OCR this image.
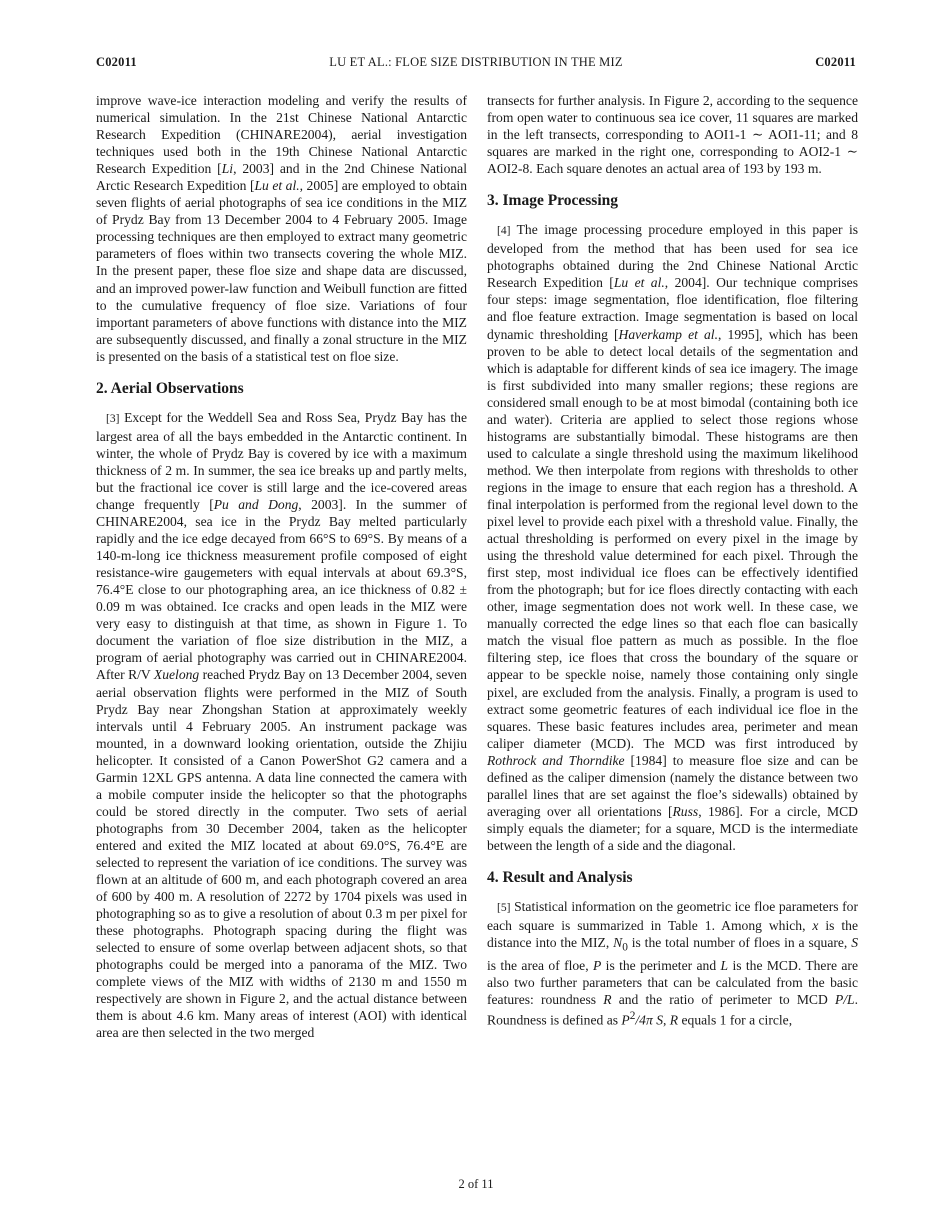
C02011	LU ET AL.: FLOE SIZE DISTRIBUTION IN THE MIZ	C02011

improve wave-ice interaction modeling and verify the results of numerical simulation. In the 21st Chinese National Antarctic Research Expedition (CHINARE2004), aerial investigation techniques used both in the 19th Chinese National Antarctic Research Expedition [Li, 2003] and in the 2nd Chinese National Arctic Research Expedition [Lu et al., 2005] are employed to obtain seven flights of aerial photographs of sea ice conditions in the MIZ of Prydz Bay from 13 December 2004 to 4 February 2005. Image processing techniques are then employed to extract many geometric parameters of floes within two transects covering the whole MIZ. In the present paper, these floe size and shape data are discussed, and an improved power-law function and Weibull function are fitted to the cumulative frequency of floe size. Variations of four important parameters of above functions with distance into the MIZ are subsequently discussed, and finally a zonal structure in the MIZ is presented on the basis of a statistical test on floe size.

2. Aerial Observations

[3] Except for the Weddell Sea and Ross Sea, Prydz Bay has the largest area of all the bays embedded in the Antarctic continent. In winter, the whole of Prydz Bay is covered by ice with a maximum thickness of 2 m. In summer, the sea ice breaks up and partly melts, but the fractional ice cover is still large and the ice-covered areas change frequently [Pu and Dong, 2003]. In the summer of CHINARE2004, sea ice in the Prydz Bay melted particularly rapidly and the ice edge decayed from 66°S to 69°S. By means of a 140-m-long ice thickness measurement profile composed of eight resistance-wire gaugemeters with equal intervals at about 69.3°S, 76.4°E close to our photographing area, an ice thickness of 0.82 ± 0.09 m was obtained. Ice cracks and open leads in the MIZ were very easy to distinguish at that time, as shown in Figure 1. To document the variation of floe size distribution in the MIZ, a program of aerial photography was carried out in CHINARE2004. After R/V Xuelong reached Prydz Bay on 13 December 2004, seven aerial observation flights were performed in the MIZ of South Prydz Bay near Zhongshan Station at approximately weekly intervals until 4 February 2005. An instrument package was mounted, in a downward looking orientation, outside the Zhijiu helicopter. It consisted of a Canon PowerShot G2 camera and a Garmin 12XL GPS antenna. A data line connected the camera with a mobile computer inside the helicopter so that the photographs could be stored directly in the computer. Two sets of aerial photographs from 30 December 2004, taken as the helicopter entered and exited the MIZ located at about 69.0°S, 76.4°E are selected to represent the variation of ice conditions. The survey was flown at an altitude of 600 m, and each photograph covered an area of 600 by 400 m. A resolution of 2272 by 1704 pixels was used in photographing so as to give a resolution of about 0.3 m per pixel for these photographs. Photograph spacing during the flight was selected to ensure of some overlap between adjacent shots, so that photographs could be merged into a panorama of the MIZ. Two complete views of the MIZ with widths of 2130 m and 1550 m respectively are shown in Figure 2, and the actual distance between them is about 4.6 km. Many areas of interest (AOI) with identical area are then selected in the two merged

transects for further analysis. In Figure 2, according to the sequence from open water to continuous sea ice cover, 11 squares are marked in the left transects, corresponding to AOI1-1 ∼ AOI1-11; and 8 squares are marked in the right one, corresponding to AOI2-1 ∼ AOI2-8. Each square denotes an actual area of 193 by 193 m.

3. Image Processing

[4] The image processing procedure employed in this paper is developed from the method that has been used for sea ice photographs obtained during the 2nd Chinese National Arctic Research Expedition [Lu et al., 2004]. Our technique comprises four steps: image segmentation, floe identification, floe filtering and floe feature extraction. Image segmentation is based on local dynamic thresholding [Haverkamp et al., 1995], which has been proven to be able to detect local details of the segmentation and which is adaptable for different kinds of sea ice imagery. The image is first subdivided into many smaller regions; these regions are considered small enough to be at most bimodal (containing both ice and water). Criteria are applied to select those regions whose histograms are substantially bimodal. These histograms are then used to calculate a single threshold using the maximum likelihood method. We then interpolate from regions with thresholds to other regions in the image to ensure that each region has a threshold. A final interpolation is performed from the regional level down to the pixel level to provide each pixel with a threshold value. Finally, the actual thresholding is performed on every pixel in the image by using the threshold value determined for each pixel. Through the first step, most individual ice floes can be effectively identified from the photograph; but for ice floes directly contacting with each other, image segmentation does not work well. In these case, we manually corrected the edge lines so that each floe can basically match the visual floe pattern as much as possible. In the floe filtering step, ice floes that cross the boundary of the square or appear to be speckle noise, namely those containing only single pixel, are excluded from the analysis. Finally, a program is used to extract some geometric features of each individual ice floe in the squares. These basic features includes area, perimeter and mean caliper diameter (MCD). The MCD was first introduced by Rothrock and Thorndike [1984] to measure floe size and can be defined as the caliper dimension (namely the distance between two parallel lines that are set against the floe’s sidewalls) obtained by averaging over all orientations [Russ, 1986]. For a circle, MCD simply equals the diameter; for a square, MCD is the intermediate between the length of a side and the diagonal.

4. Result and Analysis

[5] Statistical information on the geometric ice floe parameters for each square is summarized in Table 1. Among which, x is the distance into the MIZ, $N_0$ is the total number of floes in a square, S is the area of floe, P is the perimeter and L is the MCD. There are also two further parameters that can be calculated from the basic features: roundness R and the ratio of perimeter to MCD P/L. Roundness is defined as $P^2/4\pi$ S, R equals 1 for a circle,

2 of 11
